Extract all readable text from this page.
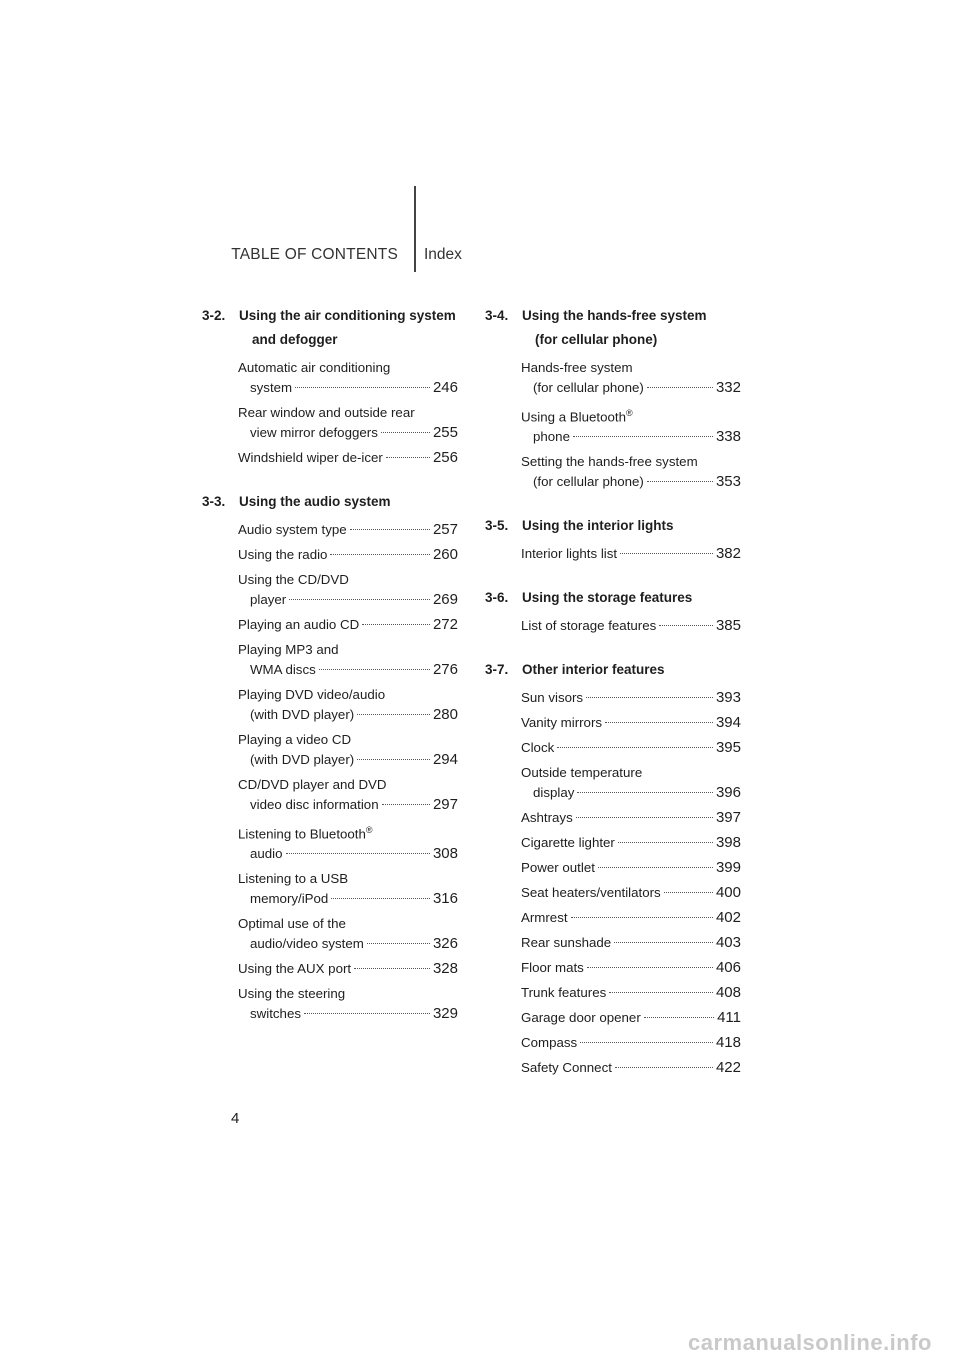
TABLE OF CONTENTS Index
3-2.	Using the air conditioning system
and defogger
Automatic air conditioning
system	246
Rear window and outside rear
view mirror defoggers	255
Windshield wiper de-icer	256
3-3.	Using the audio system
Audio system type	257
Using the radio	260
Using the CD/DVD
player	269
Playing an audio CD	272
Playing MP3 and
WMA discs	276
Playing DVD video/audio
(with DVD player)	280
Playing a video CD
(with DVD player)	294
CD/DVD player and DVD
video disc information	297
Listening to Bluetooth®

audio	308
Listening to a USB
memory/iPod	316
Optimal use of the
audio/video system	326
Using the AUX port	328
Using the steering
switches	329
3-4.	Using the hands-free system
(for cellular phone)
Hands-free system
(for cellular phone)	332
Using a Bluetooth®

phone	338
Setting the hands-free system
(for cellular phone)	353
3-5.	Using the interior lights
Interior lights list	382
3-6.	Using the storage features
List of storage features	385
3-7.	Other interior features
Sun visors	393
Vanity mirrors	394
Clock	395
Outside temperature
display	396
Ashtrays	397
Cigarette lighter	398
Power outlet	399
Seat heaters/ventilators	400
Armrest	402
Rear sunshade	403
Floor mats	406
Trunk features	408
Garage door opener	411
Compass	418
Safety Connect	422
4
carmanualsonline.info
